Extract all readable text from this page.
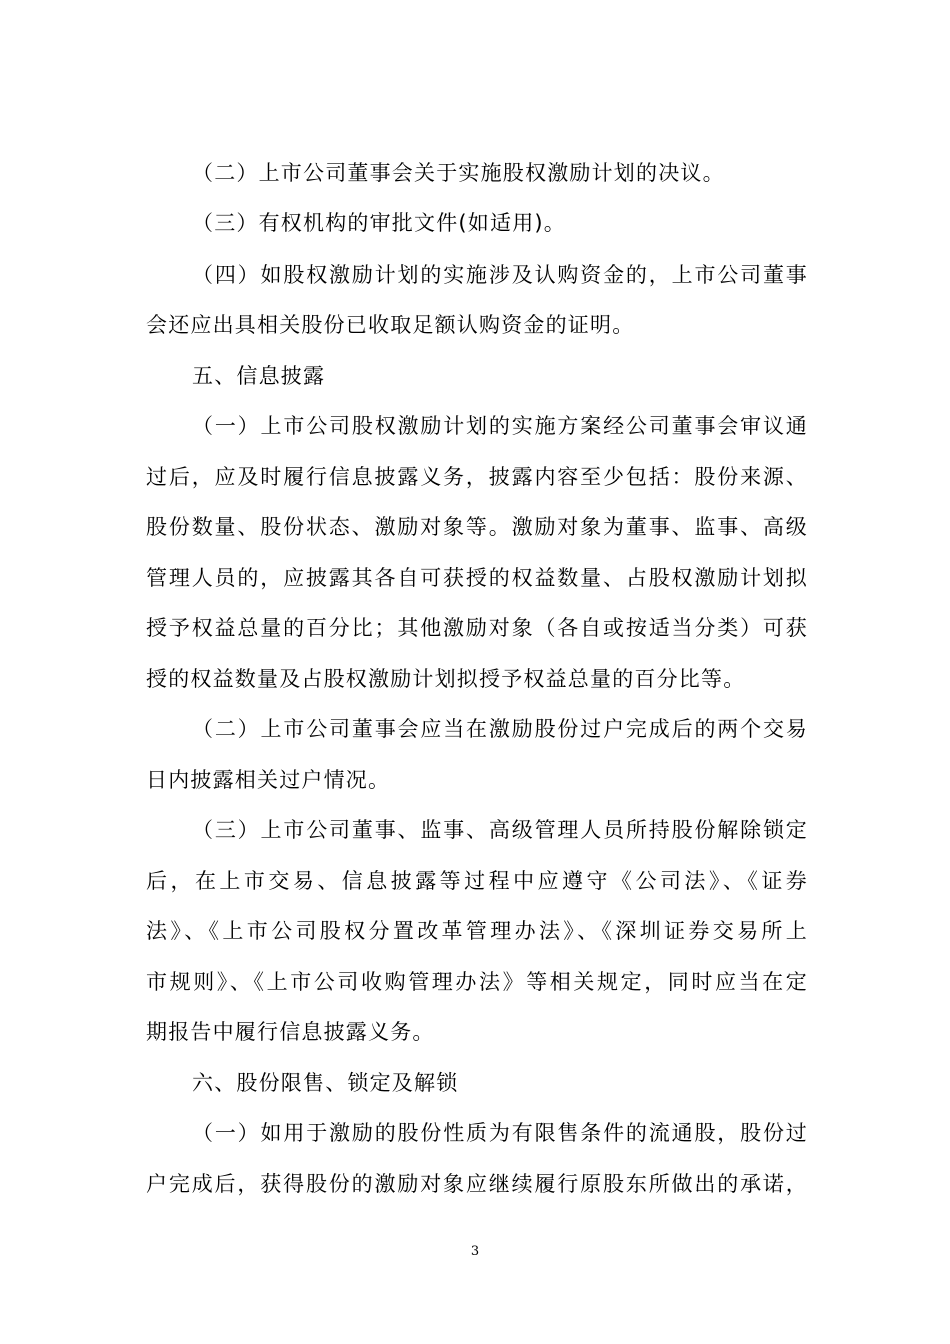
（二）上市公司董事会关于实施股权激励计划的决议。
（三）有权机构的审批文件(如适用)。
（四）如股权激励计划的实施涉及认购资金的，上市公司董事
会还应出具相关股份已收取足额认购资金的证明。
五、信息披露
（一）上市公司股权激励计划的实施方案经公司董事会审议通
过后，应及时履行信息披露义务，披露内容至少包括：股份来源、
股份数量、股份状态、激励对象等。激励对象为董事、监事、高级
管理人员的，应披露其各自可获授的权益数量、占股权激励计划拟
授予权益总量的百分比；其他激励对象（各自或按适当分类）可获
授的权益数量及占股权激励计划拟授予权益总量的百分比等。
（二）上市公司董事会应当在激励股份过户完成后的两个交易
日内披露相关过户情况。
（三）上市公司董事、监事、高级管理人员所持股份解除锁定
后，在上市交易、信息披露等过程中应遵守《公司法》、《证券
法》、《上市公司股权分置改革管理办法》、《深圳证券交易所上
市规则》、《上市公司收购管理办法》等相关规定，同时应当在定
期报告中履行信息披露义务。
六、股份限售、锁定及解锁
（一）如用于激励的股份性质为有限售条件的流通股，股份过
户完成后，获得股份的激励对象应继续履行原股东所做出的承诺，
3
